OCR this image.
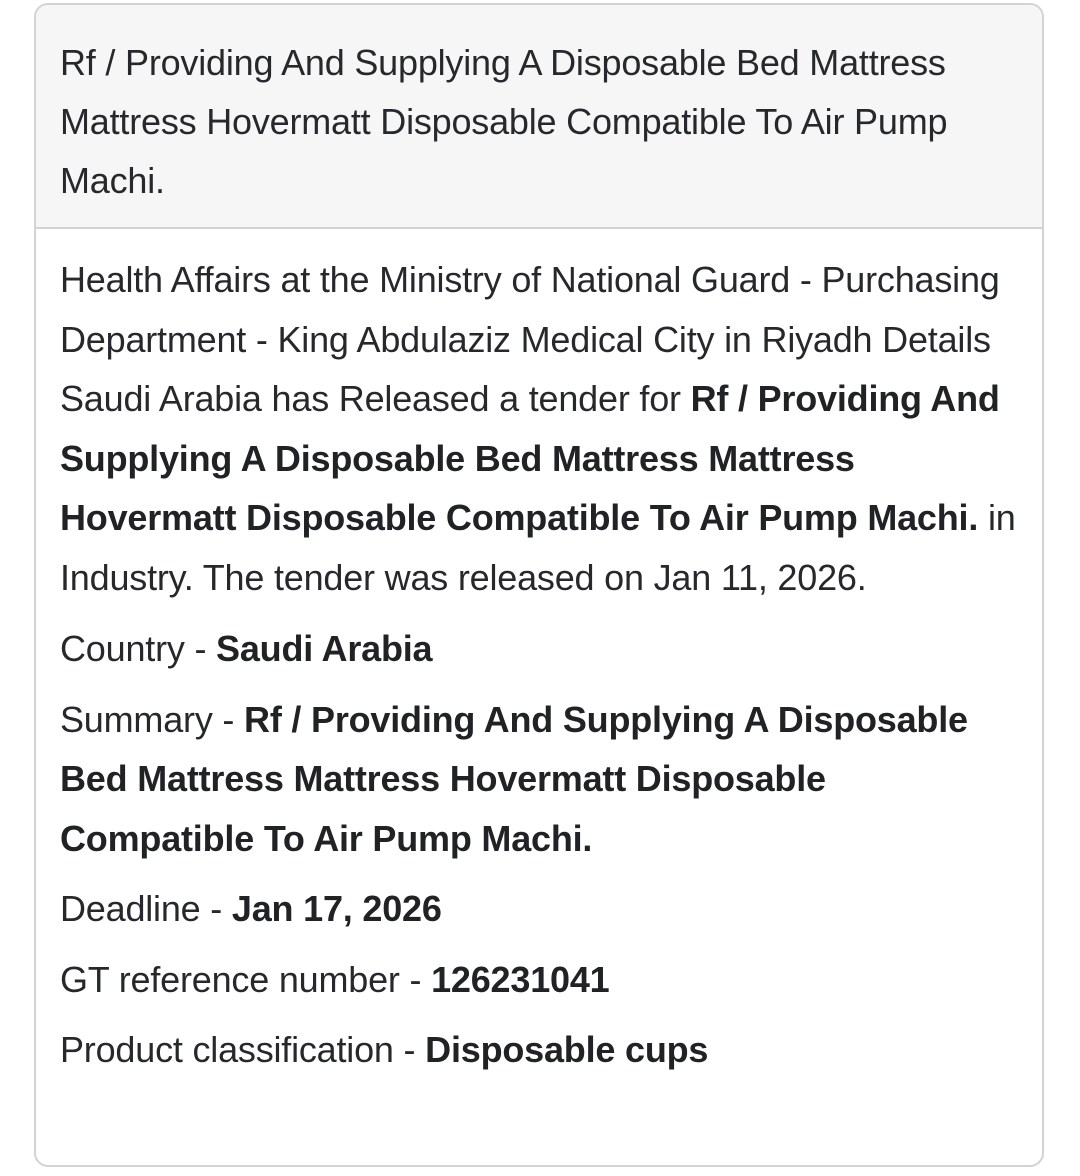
Rf / Providing And Supplying A Disposable Bed Mattress Mattress Hovermatt Disposable Compatible To Air Pump Machi.

Health Affairs at the Ministry of National Guard - Purchasing Department - King Abdulaziz Medical City in Riyadh Details Saudi Arabia has Released a tender for Rf / Providing And Supplying A Disposable Bed Mattress Mattress Hovermatt Disposable Compatible To Air Pump Machi. in Industry. The tender was released on Jan 11, 2026.

Country - Saudi Arabia
Summary - Rf / Providing And Supplying A Disposable Bed Mattress Mattress Hovermatt Disposable Compatible To Air Pump Machi.
Deadline - Jan 17, 2026
GT reference number - 126231041
Product classification - Disposable cups
